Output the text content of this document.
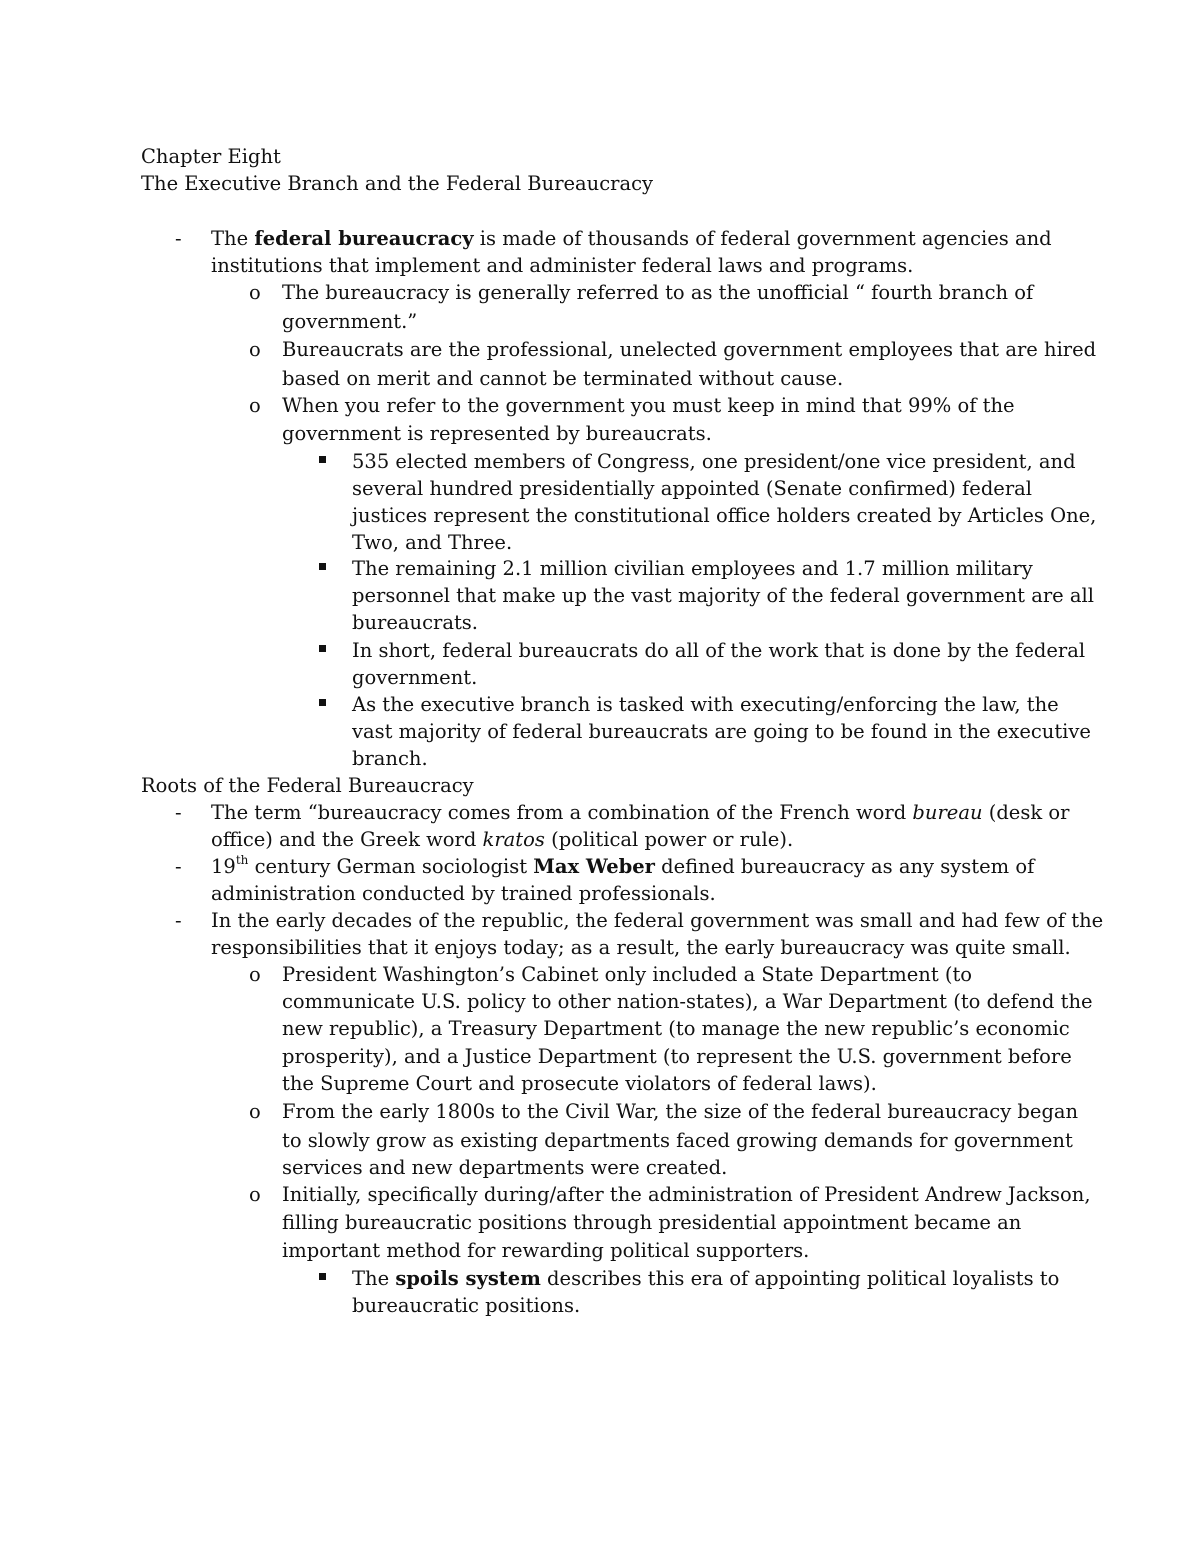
Chapter Eight
The Executive Branch and the Federal Bureaucracy
- The federal bureaucracy is made of thousands of federal government agencies and
institutions that implement and administer federal laws and programs.
o The bureaucracy is generally referred to as the unofficial “ fourth branch of
government.”
o Bureaucrats are the professional, unelected government employees that are hired
based on merit and cannot be terminated without cause.
o When you refer to the government you must keep in mind that 99% of the
government is represented by bureaucrats.
535 elected members of Congress, one president/one vice president, and
several hundred presidentially appointed (Senate confirmed) federal
justices represent the constitutional office holders created by Articles One,
Two, and Three.
The remaining 2.1 million civilian employees and 1.7 million military
personnel that make up the vast majority of the federal government are all
bureaucrats.
In short, federal bureaucrats do all of the work that is done by the federal
government.
As the executive branch is tasked with executing/enforcing the law, the
vast majority of federal bureaucrats are going to be found in the executive
branch.
Roots of the Federal Bureaucracy
- The term “bureaucracy comes from a combination of the French word bureau (desk or
office) and the Greek word kratos (political power or rule).
- 19th century German sociologist Max Weber defined bureaucracy as any system of
administration conducted by trained professionals.
- In the early decades of the republic, the federal government was small and had few of the
responsibilities that it enjoys today; as a result, the early bureaucracy was quite small.
o President Washington’s Cabinet only included a State Department (to
communicate U.S. policy to other nation-states), a War Department (to defend the
new republic), a Treasury Department (to manage the new republic’s economic
prosperity), and a Justice Department (to represent the U.S. government before
the Supreme Court and prosecute violators of federal laws).
o From the early 1800s to the Civil War, the size of the federal bureaucracy began
to slowly grow as existing departments faced growing demands for government
services and new departments were created.
o Initially, specifically during/after the administration of President Andrew Jackson,
filling bureaucratic positions through presidential appointment became an
important method for rewarding political supporters.
The spoils system describes this era of appointing political loyalists to
bureaucratic positions.
